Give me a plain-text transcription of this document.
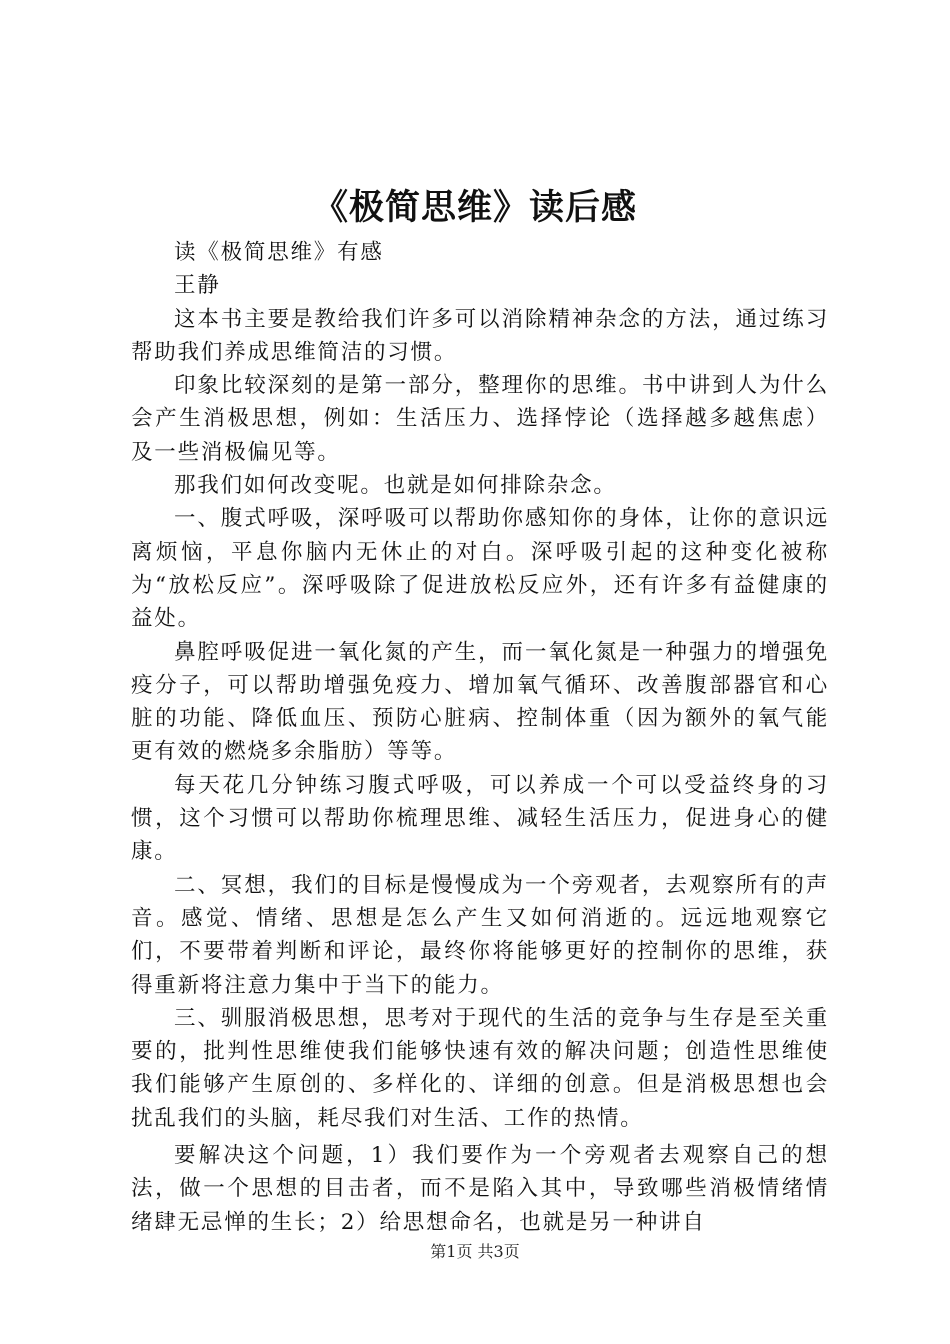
《极简思维》读后感

读《极简思维》有感

王静

这本书主要是教给我们许多可以消除精神杂念的方法，通过练习帮助我们养成思维简洁的习惯。

印象比较深刻的是第一部分，整理你的思维。书中讲到人为什么会产生消极思想，例如：生活压力、选择悖论（选择越多越焦虑）及一些消极偏见等。

那我们如何改变呢。也就是如何排除杂念。

一、腹式呼吸，深呼吸可以帮助你感知你的身体，让你的意识远离烦恼，平息你脑内无休止的对白。深呼吸引起的这种变化被称为“放松反应”。深呼吸除了促进放松反应外，还有许多有益健康的益处。

鼻腔呼吸促进一氧化氮的产生，而一氧化氮是一种强力的增强免疫分子，可以帮助增强免疫力、增加氧气循环、改善腹部器官和心脏的功能、降低血压、预防心脏病、控制体重（因为额外的氧气能更有效的燃烧多余脂肪）等等。

每天花几分钟练习腹式呼吸，可以养成一个可以受益终身的习惯，这个习惯可以帮助你梳理思维、减轻生活压力，促进身心的健康。

二、冥想，我们的目标是慢慢成为一个旁观者，去观察所有的声音。感觉、情绪、思想是怎么产生又如何消逝的。远远地观察它们，不要带着判断和评论，最终你将能够更好的控制你的思维，获得重新将注意力集中于当下的能力。

三、驯服消极思想，思考对于现代的生活的竞争与生存是至关重要的，批判性思维使我们能够快速有效的解决问题；创造性思维使我们能够产生原创的、多样化的、详细的创意。但是消极思想也会扰乱我们的头脑，耗尽我们对生活、工作的热情。

要解决这个问题，1）我们要作为一个旁观者去观察自己的想法，做一个思想的目击者，而不是陷入其中，导致哪些消极情绪情绪肆无忌惮的生长；2）给思想命名，也就是另一种讲自

第1页 共3页
